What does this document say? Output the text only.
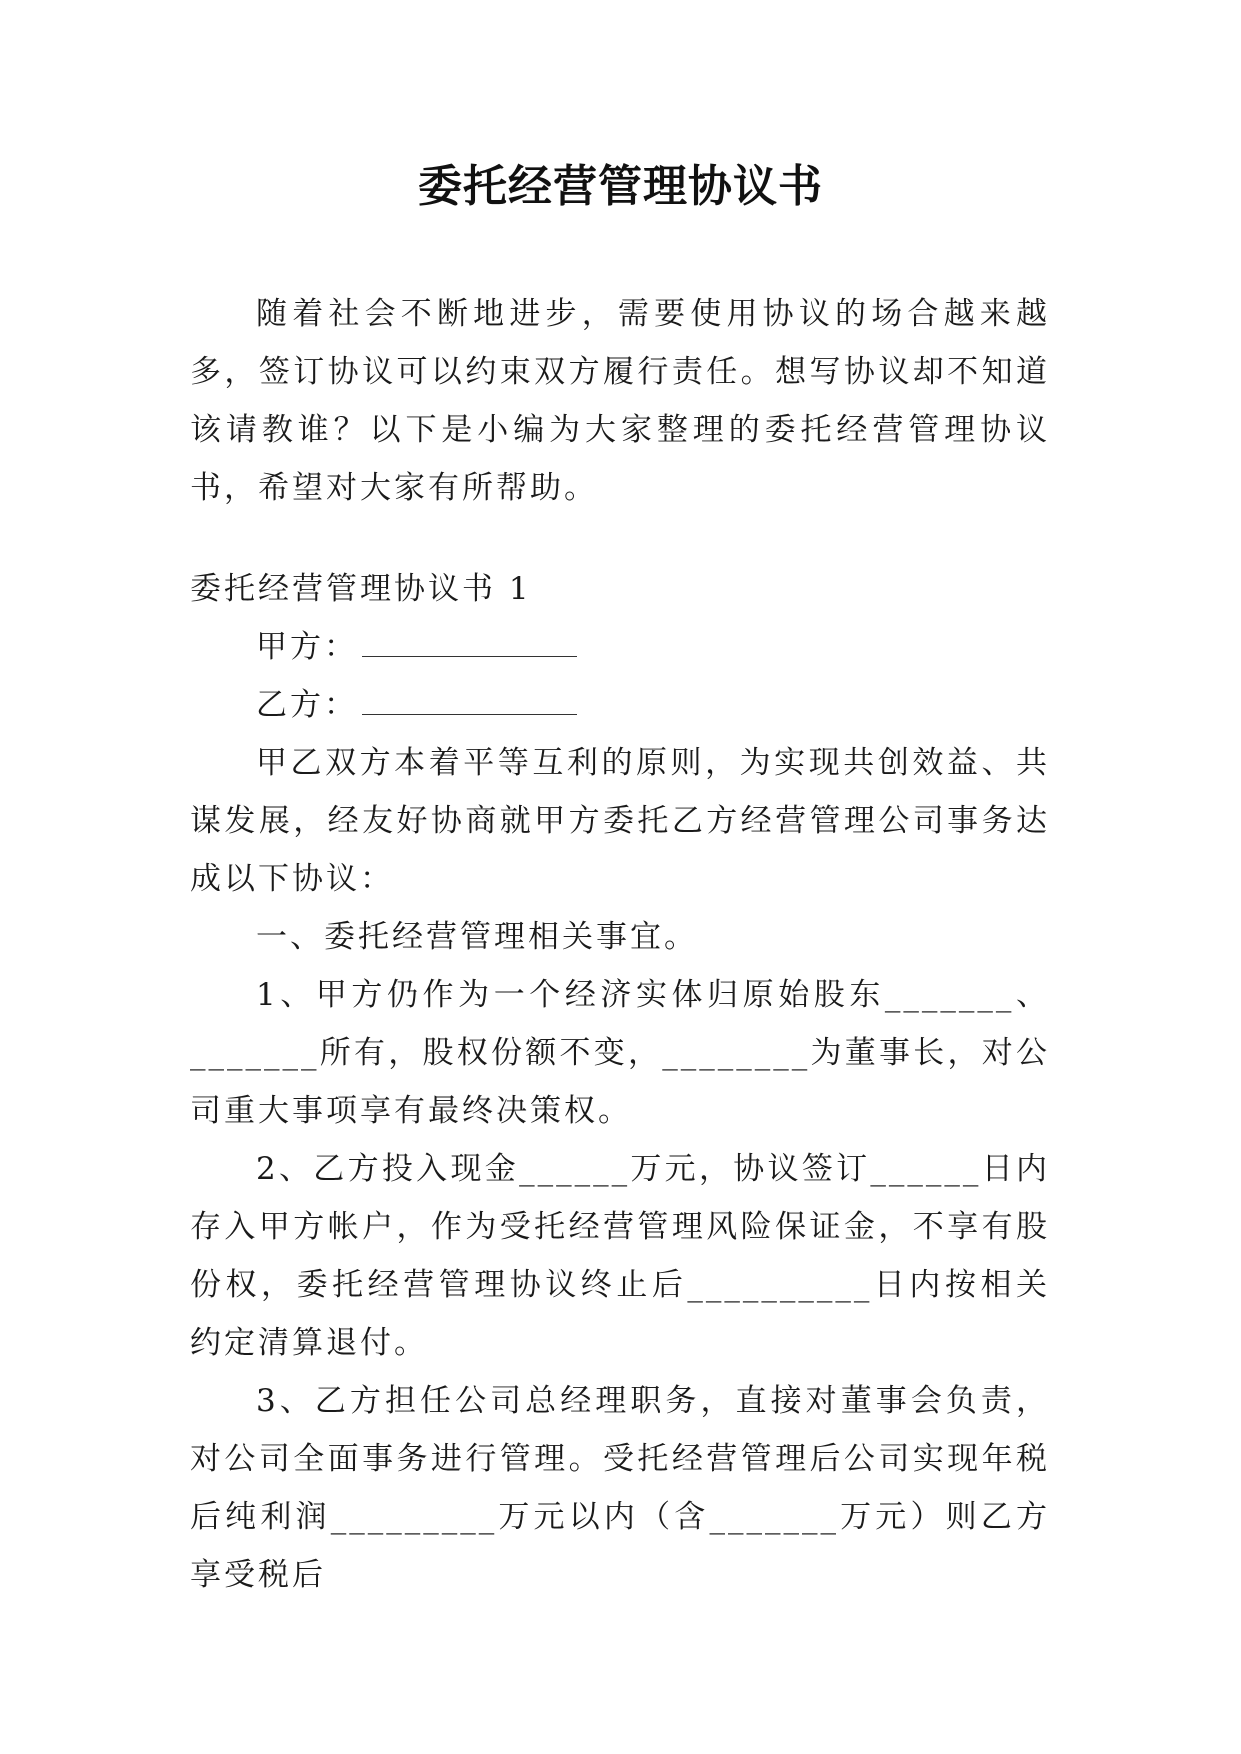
委托经营管理协议书

随着社会不断地进步，需要使用协议的场合越来越多，签订协议可以约束双方履行责任。想写协议却不知道该请教谁？以下是小编为大家整理的委托经营管理协议书，希望对大家有所帮助。

委托经营管理协议书 1

甲方：

乙方：

甲乙双方本着平等互利的原则，为实现共创效益、共谋发展，经友好协商就甲方委托乙方经营管理公司事务达成以下协议：

一、委托经营管理相关事宜。

1、甲方仍作为一个经济实体归原始股东_______、_______所有，股权份额不变，________为董事长，对公司重大事项享有最终决策权。

2、乙方投入现金______万元，协议签订______日内存入甲方帐户，作为受托经营管理风险保证金，不享有股份权，委托经营管理协议终止后__________日内按相关约定清算退付。

3、乙方担任公司总经理职务，直接对董事会负责，对公司全面事务进行管理。受托经营管理后公司实现年税后纯利润_________万元以内（含_______万元）则乙方享受税后
